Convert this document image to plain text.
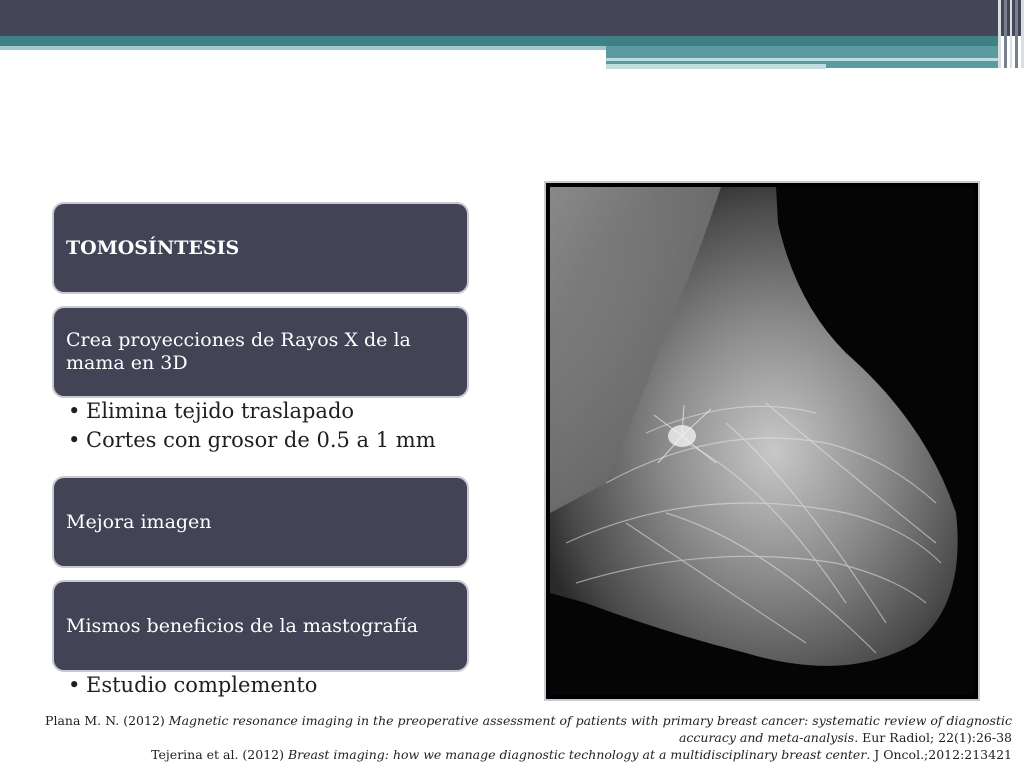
TOMOSÍNTESIS
Crea proyecciones de Rayos X de la mama en 3D
• Elimina tejido traslapado
• Cortes con grosor de 0.5 a 1 mm
Mejora imagen
Mismos beneficios de la mastografía
• Estudio complemento
Plana M. N. (2012) Magnetic resonance imaging in the preoperative assessment of patients with primary breast cancer: systematic review of diagnostic accuracy and meta-analysis. Eur Radiol; 22(1):26-38
Tejerina et al. (2012) Breast imaging: how we manage diagnostic technology at a multidisciplinary breast center. J Oncol.;2012:213421
